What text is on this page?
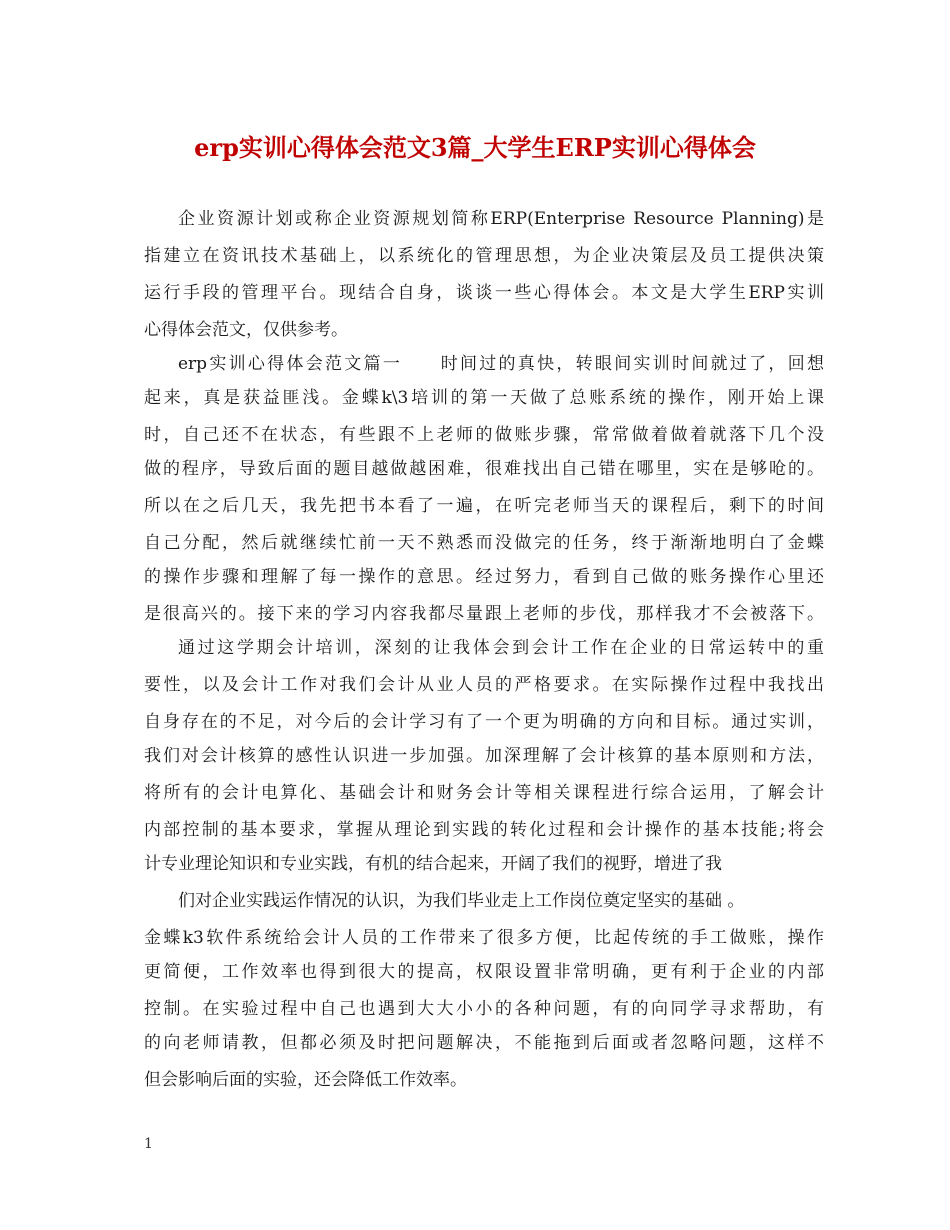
erp实训心得体会范文3篇_大学生ERP实训心得体会
企业资源计划或称企业资源规划简称ERP(Enterprise Resource Planning)是
指建立在资讯技术基础上，以系统化的管理思想，为企业决策层及员工提供决策
运行手段的管理平台。现结合自身，谈谈一些心得体会。本文是大学生ERP实训
心得体会范文，仅供参考。
erp实训心得体会范文篇一　　时间过的真快，转眼间实训时间就过了，回想
起来，真是获益匪浅。金蝶k\3培训的第一天做了总账系统的操作，刚开始上课
时，自己还不在状态，有些跟不上老师的做账步骤，常常做着做着就落下几个没
做的程序，导致后面的题目越做越困难，很难找出自己错在哪里，实在是够呛的。
所以在之后几天，我先把书本看了一遍，在听完老师当天的课程后，剩下的时间
自己分配，然后就继续忙前一天不熟悉而没做完的任务，终于渐渐地明白了金蝶
的操作步骤和理解了每一操作的意思。经过努力，看到自己做的账务操作心里还
是很高兴的。接下来的学习内容我都尽量跟上老师的步伐，那样我才不会被落下。
通过这学期会计培训，深刻的让我体会到会计工作在企业的日常运转中的重
要性，以及会计工作对我们会计从业人员的严格要求。在实际操作过程中我找出
自身存在的不足，对今后的会计学习有了一个更为明确的方向和目标。通过实训，
我们对会计核算的感性认识进一步加强。加深理解了会计核算的基本原则和方法，
将所有的会计电算化、基础会计和财务会计等相关课程进行综合运用，了解会计
内部控制的基本要求，掌握从理论到实践的转化过程和会计操作的基本技能;将会
计专业理论知识和专业实践，有机的结合起来，开阔了我们的视野，增进了我
们对企业实践运作情况的认识，为我们毕业走上工作岗位奠定坚实的基础 。
金蝶k3软件系统给会计人员的工作带来了很多方便，比起传统的手工做账，操作
更简便，工作效率也得到很大的提高，权限设置非常明确，更有利于企业的内部
控制。在实验过程中自己也遇到大大小小的各种问题，有的向同学寻求帮助，有
的向老师请教，但都必须及时把问题解决，不能拖到后面或者忽略问题，这样不
但会影响后面的实验，还会降低工作效率。
1
